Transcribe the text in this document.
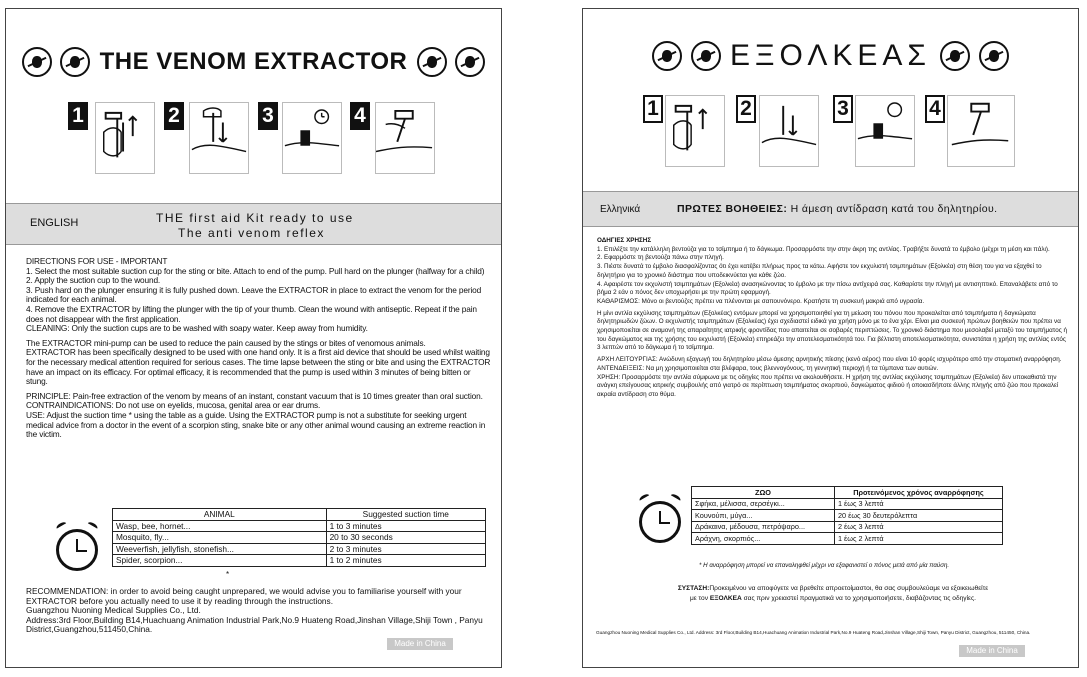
THE VENOM EXTRACTOR
1	2	3	4
ENGLISH	THE first aid Kit ready to use
The anti venom reflex

DIRECTIONS FOR USE - IMPORTANT

1. Select the most suitable suction cup for the sting or bite. Attach to end of the pump. Pull hard on the plunger (halfway for a child)

2. Apply the suction cup to the wound.

3. Push hard on the plunger ensuring it is fully pushed down. Leave the EXTRACTOR in place to extract the venom for the period indicated for each animal.

4. Remove the EXTRACTOR by lifting the plunger with the tip of your thumb. Clean the wound with antiseptic. Repeat if the pain does not disappear with the first application.

CLEANING: Only the suction cups are to be washed with soapy water. Keep away from humidity.

The EXTRACTOR mini-pump can be used to reduce the pain caused by the stings or bites of venomous animals.

EXTRACTOR has been specifically designed to be used with one hand only. It is a first aid device that should be used whilst waiting for the necessary medical attention required for serious cases. The time lapse between the sting or bite and using the EXTRACTOR have an impact on its efficacy. For optimal efficacy, it is recommended that the pump is used within 3 minutes of being bitten or stung.

PRINCIPLE: Pain-free extraction of the venom by means of an instant, constant vacuum that is 10 times greater than oral suction.

CONTRAINDICATIONS: Do not use on eyelids, mucosa, genital area or ear drums.

USE: Adjust the suction time * using the table as a guide. Using the EXTRACTOR pump is not a substitute for seeking urgent medical advice from a doctor in the event of a scorpion sting, snake bite or any other animal wound causing an extreme reaction in the victim.

ANIMAL	Suggested suction time
Wasp, bee, hornet...	1 to 3 minutes
Mosquito, fly...	20 to 30 seconds
Weeverfish, jellyfish, stonefish...	2 to 3 minutes
Spider, scorpion...	1 to 2 minutes
*

RECOMMENDATION: in order to avoid being caught unprepared, we would advise you to familiarise yourself with your EXTRACTOR before you actually need to use it by reading through the instructions.

Guangzhou Nuoning Medical Supplies Co., Ltd.

Address:3rd Floor,Building B14,Huachuang Animation Industrial Park,No.9 Huateng Road,Jinshan Village,Shiji Town , Panyu District,Guangzhou,511450,China.

Made in China
ΕΞΟΛΚΕΑΣ
1	2	3	4
Ελληνικά	ΠΡΩΤΕΣ ΒΟΗΘΕΙΕΣ: Η άμεση αντίδραση κατά του δηλητηρίου.

ΟΔΗΓΙΕΣ ΧΡΗΣΗΣ

1. Επιλέξτε την κατάλληλη βεντούζα για το τσίμπημα ή το δάγκωμα. Προσαρμόστε την στην άκρη της αντλίας. Τραβήξτε δυνατά το έμβολο (μέχρι τη μέση και πάλι).

2. Εφαρμόστε τη βεντούζα πάνω στην πληγή.

3. Πιέστε δυνατά το έμβολο διασφαλίζοντας ότι έχει κατέβει πλήρως προς τα κάτω. Αφήστε τον εκχυλιστή τσιμπημάτων (Εξολκέα) στη θέση του για να εξαχθεί το δηλητήριο για το χρονικό διάστημα που υποδεικνύεται για κάθε ζώο.

4. Αφαιρέστε τον εκχυλιστή τσιμπημάτων (Εξολκέα) ανασηκώνοντας το έμβολο με την πίσω αντίχειρά σας. Καθαρίστε την πληγή με αντισηπτικό. Επαναλάβετε από το βήμα 2 εάν ο πόνος δεν υποχωρήσει με την πρώτη εφαρμογή.

ΚΑΘΑΡΙΣΜΟΣ: Μόνο οι βεντούζες πρέπει να πλένονται με σαπουνόνερο. Κρατήστε τη συσκευή μακριά από υγρασία.

Η μίνι αντλία εκχύλισης τσιμπημάτων (Εξολκέας) εντόμων μπορεί να χρησιμοποιηθεί για τη μείωση του πόνου που προκαλείται από τσιμπήματα ή δαγκώματα δηλητηριωδών ζώων. Ο εκχυλιστής τσιμπημάτων (Εξολκέας) έχει σχεδιαστεί ειδικά για χρήση μόνο με το ένα χέρι. Είναι μια συσκευή πρώτων βοηθειών που πρέπει να χρησιμοποιείται σε αναμονή της απαραίτητης ιατρικής φροντίδας που απαιτείται σε σοβαρές περιπτώσεις. Το χρονικό διάστημα που μεσολαβεί μεταξύ του τσιμπήματος ή του δαγκώματος και της χρήσης του εκχυλιστή (Εξολκέα) επηρεάζει την αποτελεσματικότητά του. Για βέλτιστη αποτελεσματικότητα, συνιστάται η χρήση της αντλίας εντός 3 λεπτών από το δάγκωμα ή το τσίμπημα.

ΑΡΧΗ ΛΕΙΤΟΥΡΓΙΑΣ: Ανώδυνη εξαγωγή του δηλητηρίου μέσω άμεσης αρνητικής πίεσης (κενό αέρος) που είναι 10 φορές ισχυρότερο από την στοματική αναρρόφηση.

ΑΝΤΕΝΔΕΙΞΕΙΣ: Να μη χρησιμοποιείται στα βλέφαρα, τους βλεννογόνους, τη γεννητική περιοχή ή τα τύμπανα των αυτιών.

ΧΡΗΣΗ: Προσαρμόστε την αντλία σύμφωνα με τις οδηγίες που πρέπει να ακολουθήσετε. Η χρήση της αντλίας εκχύλισης τσιμπημάτων (Εξολκέα) δεν υποκαθιστά την ανάγκη επείγουσας ιατρικής συμβουλής από γιατρό σε περίπτωση τσιμπήματος σκορπιού, δαγκώματος φιδιού ή οποιασδήποτε άλλης πληγής από ζώο που προκαλεί ακραία αντίδραση στο θύμα.

ΖΩΟ	Προτεινόμενος χρόνος αναρρόφησης
Σφήκα, μέλισσα, σερσέγκι...	1 έως 3 λεπτά
Κουνούπι, μύγα...	20 έως 30 δευτερόλεπτα
Δράκαινα, μέδουσα, πετρόψαρο...	2 έως 3 λεπτά
Αράχνη, σκορπιός...	1 έως 2 λεπτά
* Η αναρρόφηση μπορεί να επαναληφθεί μέχρι να εξαφανιστεί ο πόνος μετά από μία παύση.
ΣΥΣΤΑΣΗ:Προκειμένου να αποφύγετε να βρεθείτε απροετοίμαστοι, θα σας συμβουλεύαμε να εξοικειωθείτε
με τον ΕΞΟΛΚΕΑ σας πριν χρειαστεί πραγματικά να το χρησιμοποιήσετε, διαβάζοντας τις οδηγίες.
Guangzhou Nuoning Medical Supplies Co., Ltd. Address: 3rd Floor,Building B14,Huachuang Animation Industrial Park,No.9 Huateng Road,Jinshan Village,Shiji Town, Panyu District, Guangzhou, 511450, China.
Made in China
